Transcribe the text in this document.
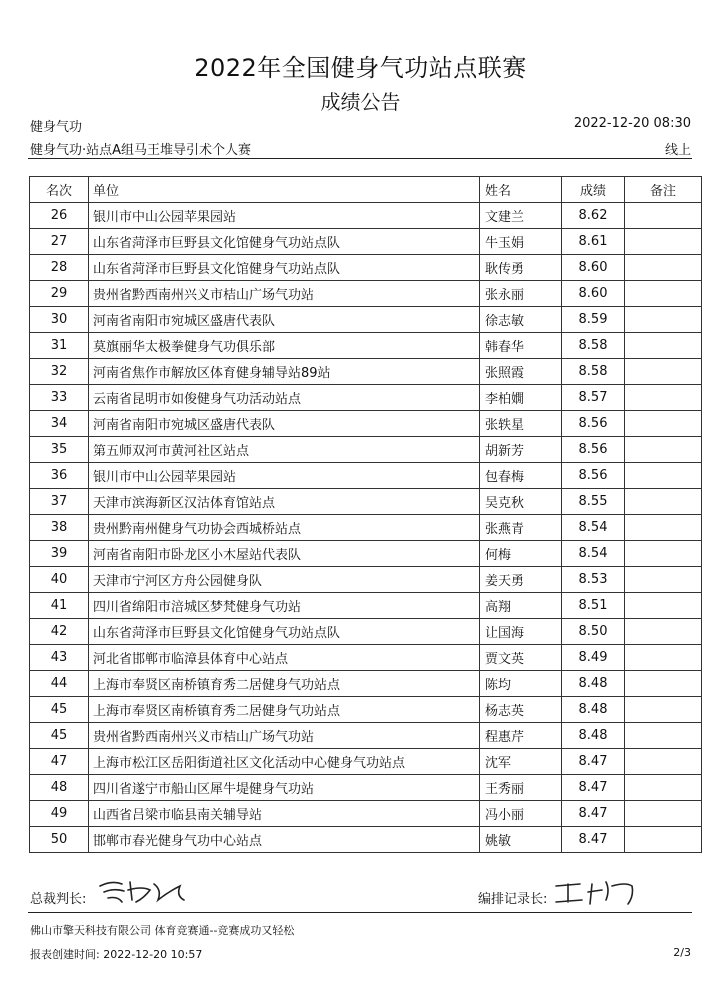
2022年全国健身气功站点联赛
成绩公告
健身气功	2022-12-20 08:30
健身气功·站点A组马王堆导引术个人赛	线上
名次	单位	姓名	成绩	备注
26	银川市中山公园苹果园站	文建兰	8.62	
27	山东省菏泽市巨野县文化馆健身气功站点队	牛玉娟	8.61	
28	山东省菏泽市巨野县文化馆健身气功站点队	耿传勇	8.60	
29	贵州省黔西南州兴义市桔山广场气功站	张永丽	8.60	
30	河南省南阳市宛城区盛唐代表队	徐志敏	8.59	
31	莫旗丽华太极拳健身气功俱乐部	韩春华	8.58	
32	河南省焦作市解放区体育健身辅导站89站	张照霞	8.58	
33	云南省昆明市如俊健身气功活动站点	李柏嫺	8.57	
34	河南省南阳市宛城区盛唐代表队	张轶星	8.56	
35	第五师双河市黄河社区站点	胡新芳	8.56	
36	银川市中山公园苹果园站	包春梅	8.56	
37	天津市滨海新区汉沽体育馆站点	吴克秋	8.55	
38	贵州黔南州健身气功协会西城桥站点	张燕青	8.54	
39	河南省南阳市卧龙区小木屋站代表队	何梅	8.54	
40	天津市宁河区方舟公园健身队	姜天勇	8.53	
41	四川省绵阳市涪城区梦梵健身气功站	高翔	8.51	
42	山东省菏泽市巨野县文化馆健身气功站点队	让国海	8.50	
43	河北省邯郸市临漳县体育中心站点	贾文英	8.49	
44	上海市奉贤区南桥镇育秀二居健身气功站点	陈均	8.48	
45	上海市奉贤区南桥镇育秀二居健身气功站点	杨志英	8.48	
45	贵州省黔西南州兴义市桔山广场气功站	程惠芹	8.48	
47	上海市松江区岳阳街道社区文化活动中心健身气功站点	沈军	8.47	
48	四川省遂宁市船山区犀牛堤健身气功站	王秀丽	8.47	
49	山西省吕梁市临县南关辅导站	冯小丽	8.47	
50	邯郸市春光健身气功中心站点	姚敏	8.47	
总裁判长:	编排记录长:
佛山市擎天科技有限公司 体育竞赛通--竞赛成功又轻松
报表创建时间: 2022-12-20 10:57	2/3
